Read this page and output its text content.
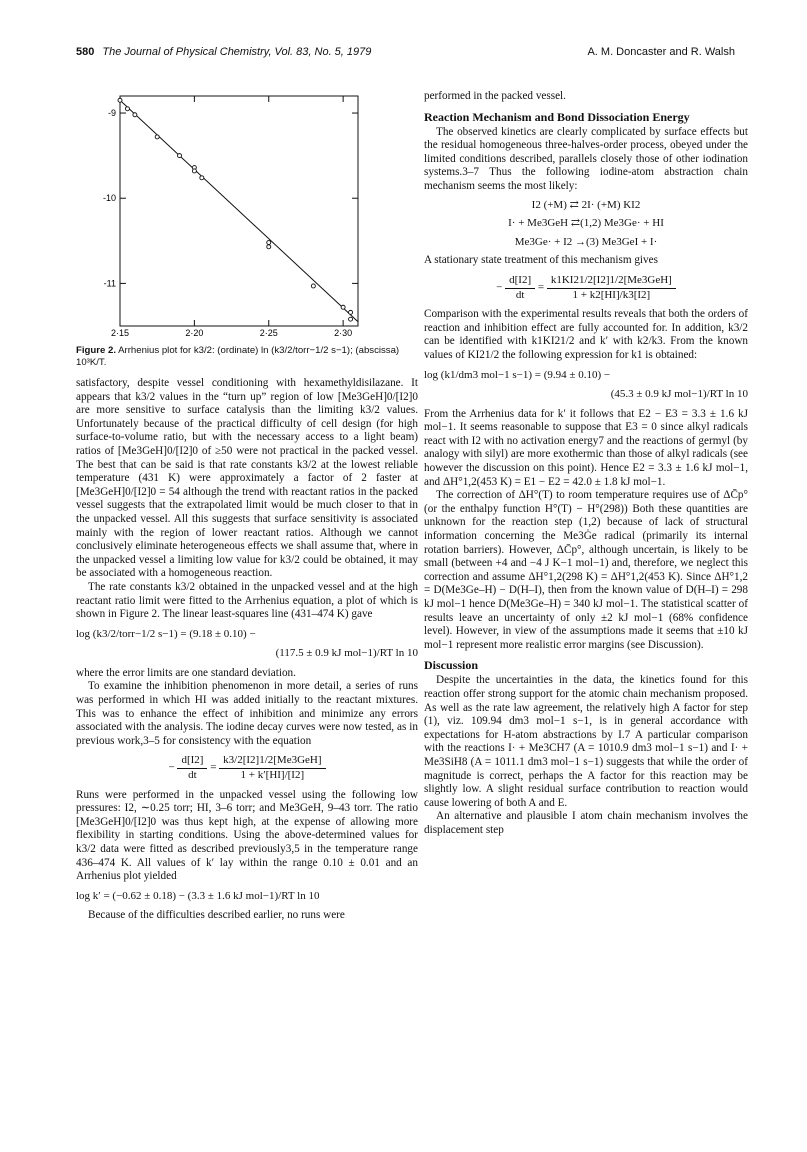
580 The Journal of Physical Chemistry, Vol. 83, No. 5, 1979	A. M. Doncaster and R. Walsh
-9
-10
-11
2·15	2·20	2·25	2·30
Figure 2. Arrhenius plot for k3/2: (ordinate) ln (k3/2/torr−1/2 s−1); (abscissa) 10³K/T.

satisfactory, despite vessel conditioning with hexamethyldisilazane. It appears that k3/2 values in the “turn up” region of low [Me3GeH]0/[I2]0 are more sensitive to surface catalysis than the limiting k3/2 values. Unfortunately because of the practical difficulty of cell design (for high surface-to-volume ratio, but with the necessary access to a light beam) ratios of [Me3GeH]0/[I2]0 of ≥50 were not practical in the packed vessel. The best that can be said is that rate constants k3/2 at the lowest reliable temperature (431 K) were approximately a factor of 2 faster at [Me3GeH]0/[I2]0 = 54 although the trend with reactant ratios in the packed vessel suggests that the extrapolated limit would be much closer to that in the unpacked vessel. All this suggests that surface sensitivity is associated mainly with the region of lower reactant ratios. Although we cannot conclusively eliminate heterogeneous effects we shall assume that, where in the unpacked vessel a limiting low value for k3/2 could be obtained, it may be associated with a homogeneous reaction.

The rate constants k3/2 obtained in the unpacked vessel and at the high reactant ratio limit were fitted to the Arrhenius equation, a plot of which is shown in Figure 2. The linear least-squares line (431–474 K) gave

log (k3/2/torr−1/2 s−1) = (9.18 ± 0.10) −
(117.5 ± 0.9 kJ mol−1)/RT ln 10

where the error limits are one standard deviation.

To examine the inhibition phenomenon in more detail, a series of runs was performed in which HI was added initially to the reactant mixtures. This was to enhance the effect of inhibition and minimize any errors associated with the analysis. The iodine decay curves were now tested, as in previous work,3–5 for consistency with the equation

− $\frac{d[I2]}{dt} = \frac{\text{k3/2[I2]1/2[Me3GeH]}}{1 + k'[HI]/[I2]}$

Runs were performed in the unpacked vessel using the following low pressures: I2, ∼0.25 torr; HI, 3–6 torr; and Me3GeH, 9–43 torr. The ratio [Me3GeH]0/[I2]0 was thus kept high, at the expense of allowing more flexibility in starting conditions. Using the above-determined values for k3/2 data were fitted as described previously3,5 in the temperature range 436–474 K. All values of k′ lay within the range 0.10 ± 0.01 and an Arrhenius plot yielded

log k′ = (−0.62 ± 0.18) − (3.3 ± 1.6 kJ mol−1)/RT ln 10

Because of the difficulties described earlier, no runs were

performed in the packed vessel.

Reaction Mechanism and Bond Dissociation Energy

The observed kinetics are clearly complicated by surface effects but the residual homogeneous three-halves-order process, obeyed under the limited conditions described, parallels closely those of other iodination systems.3–7 Thus the following iodine-atom abstraction chain mechanism seems the most likely:

I2 (+M) ⇄ 2I· (+M) KI2
I· + Me3GeH ⇄(1,2) Me3Ge· + HI
Me3Ge· + I2 →(3) Me3GeI + I·

A stationary state treatment of this mechanism gives

− $\frac{d[I2]}{dt} = \frac{\text{k1KI21/2[I2]1/2[Me3GeH]}}{1 + k2[HI]/k3[I2]}$

Comparison with the experimental results reveals that both the orders of reaction and inhibition effect are fully accounted for. In addition, k3/2 can be identified with k1KI21/2 and k′ with k2/k3. From the known values of KI21/2 the following expression for k1 is obtained:

log (k1/dm3 mol−1 s−1) = (9.94 ± 0.10) −
(45.3 ± 0.9 kJ mol−1)/RT ln 10

From the Arrhenius data for k′ it follows that E2 − E3 = 3.3 ± 1.6 kJ mol−1. It seems reasonable to suppose that E3 = 0 since alkyl radicals react with I2 with no activation energy7 and the reactions of germyl (by analogy with silyl) are more exothermic than those of alkyl radicals (see however the discussion on this point). Hence E2 = 3.3 ± 1.6 kJ mol−1, and ΔH°1,2(453 K) = E1 − E2 = 42.0 ± 1.8 kJ mol−1.

The correction of ΔH°(T) to room temperature requires use of ΔC̄p° (or the enthalpy function H°(T) − H°(298)) Both these quantities are unknown for the reaction step (1,2) because of lack of structural information concerning the Me3Ġe radical (primarily its internal rotation barriers). However, ΔC̄p°, although uncertain, is likely to be small (between +4 and −4 J K−1 mol−1) and, therefore, we neglect this correction and assume ΔH°1,2(298 K) = ΔH°1,2(453 K). Since ΔH°1,2 = D(Me3Ge–H) − D(H–I), then from the known value of D(H–I) = 298 kJ mol−1 hence D(Me3Ge–H) = 340 kJ mol−1. The statistical scatter of results leave an uncertainty of only ±2 kJ mol−1 (68% confidence level). However, in view of the assumptions made it seems that ±10 kJ mol−1 represent more realistic error margins (see Discussion).

Discussion

Despite the uncertainties in the data, the kinetics found for this reaction offer strong support for the atomic chain mechanism proposed. As well as the rate law agreement, the relatively high A factor for step (1), viz. 109.94 dm3 mol−1 s−1, is in general accordance with expectations for H-atom abstractions by I.7 A particular comparison with the reactions I· + Me3CH7 (A = 1010.9 dm3 mol−1 s−1) and I· + Me3SiH8 (A = 1011.1 dm3 mol−1 s−1) suggests that while the order of magnitude is correct, perhaps the A factor for this reaction may be slightly low. A slight residual surface contribution to reaction would cause lowering of both A and E.

An alternative and plausible I atom chain mechanism involves the displacement step
